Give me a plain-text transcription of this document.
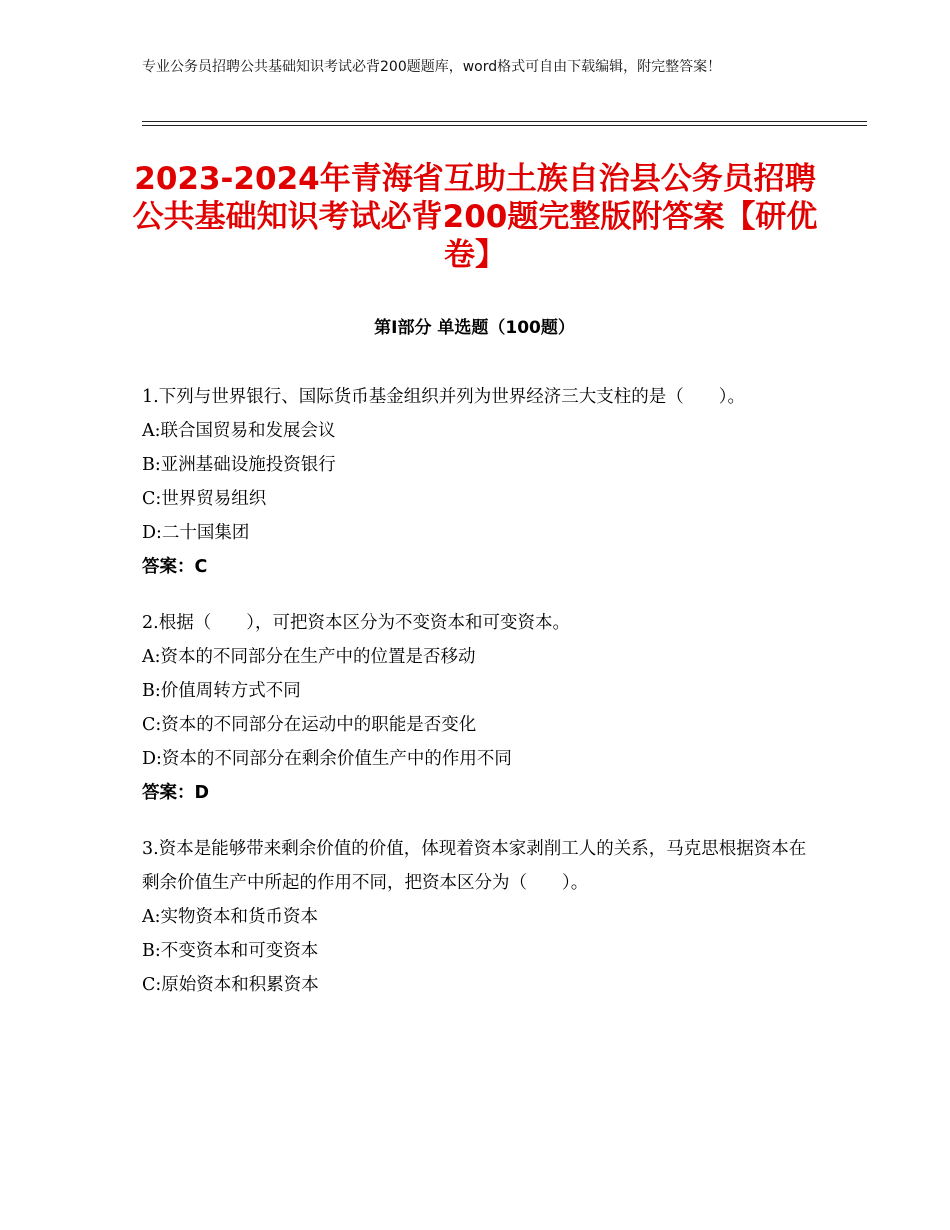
专业公务员招聘公共基础知识考试必背200题题库，word格式可自由下载编辑，附完整答案！
2023-2024年青海省互助土族自治县公务员招聘公共基础知识考试必背200题完整版附答案【研优卷】
第Ⅰ部分 单选题（100题）

1.下列与世界银行、国际货币基金组织并列为世界经济三大支柱的是（　　）。

A:联合国贸易和发展会议

B:亚洲基础设施投资银行

C:世界贸易组织

D:二十国集团

答案：C

2.根据（　　），可把资本区分为不变资本和可变资本。

A:资本的不同部分在生产中的位置是否移动

B:价值周转方式不同

C:资本的不同部分在运动中的职能是否变化

D:资本的不同部分在剩余价值生产中的作用不同

答案：D

3.资本是能够带来剩余价值的价值，体现着资本家剥削工人的关系，马克思根据资本在剩余价值生产中所起的作用不同，把资本区分为（　　）。

A:实物资本和货币资本

B:不变资本和可变资本

C:原始资本和积累资本
